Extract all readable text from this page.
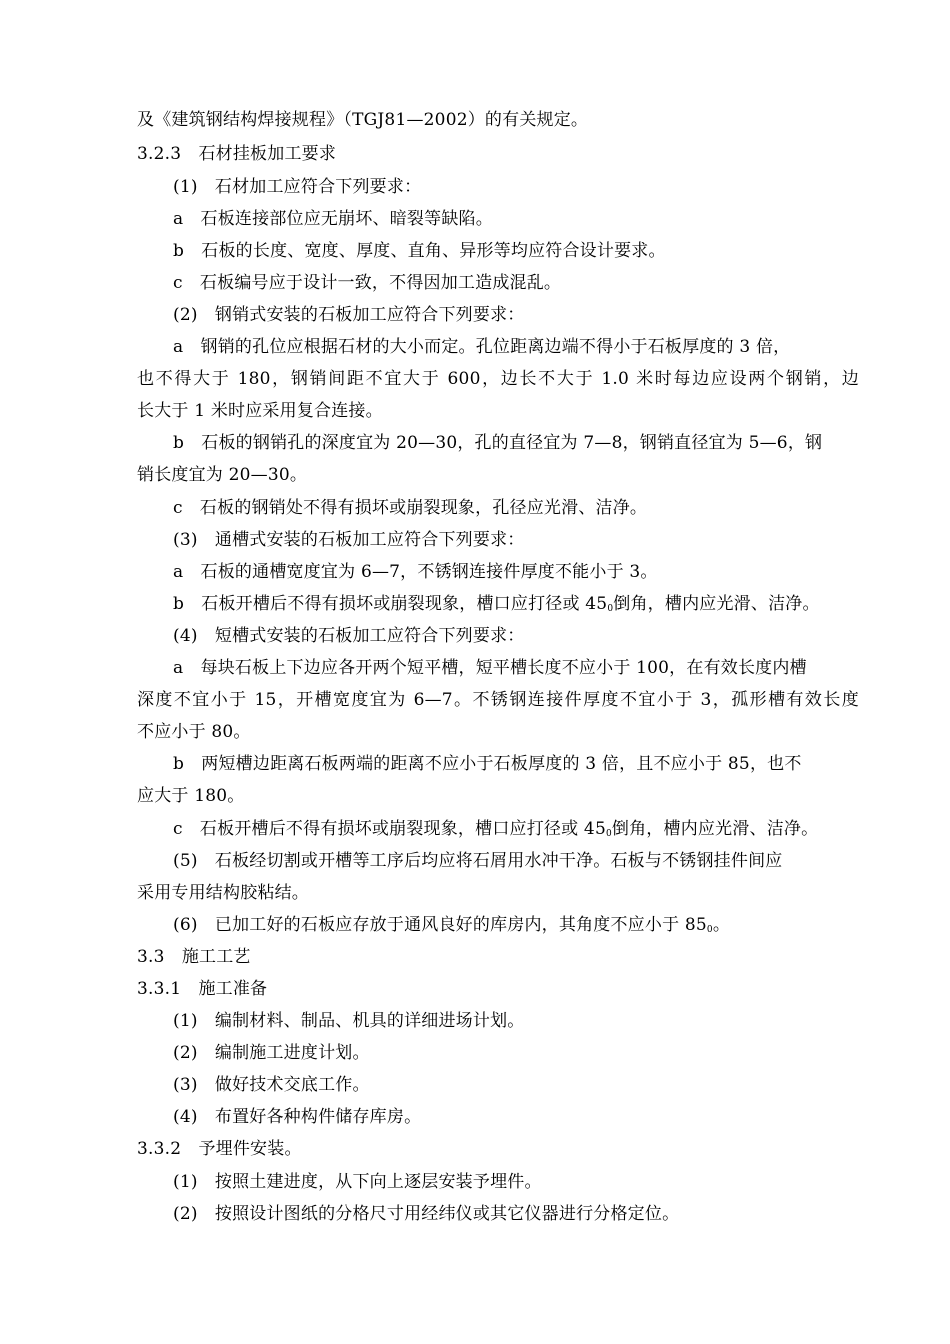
及《建筑钢结构焊接规程》（TGJ81—2002）的有关规定。
3.2.3　石材挂板加工要求
(1)　石材加工应符合下列要求：
a　石板连接部位应无崩坏、暗裂等缺陷。
b　石板的长度、宽度、厚度、直角、异形等均应符合设计要求。
c　石板编号应于设计一致，不得因加工造成混乱。
(2)　钢销式安装的石板加工应符合下列要求：
a　钢销的孔位应根据石材的大小而定。孔位距离边端不得小于石板厚度的 3 倍，
也不得大于 180，钢销间距不宜大于 600，边长不大于 1.0 米时每边应设两个钢销，边
长大于 1 米时应采用复合连接。
b　石板的钢销孔的深度宜为 20—30，孔的直径宜为 7—8，钢销直径宜为 5—6，钢
销长度宜为 20—30。
c　石板的钢销处不得有损坏或崩裂现象，孔径应光滑、洁净。
(3)　通槽式安装的石板加工应符合下列要求：
a　石板的通槽宽度宜为 6—7，不锈钢连接件厚度不能小于 3。
b　石板开槽后不得有损坏或崩裂现象，槽口应打径或 $45_0$倒角，槽内应光滑、洁净。
(4)　短槽式安装的石板加工应符合下列要求：
a　每块石板上下边应各开两个短平槽，短平槽长度不应小于 100，在有效长度内槽
深度不宜小于 15，开槽宽度宜为 6—7。不锈钢连接件厚度不宜小于 3，孤形槽有效长度
不应小于 80。
b　两短槽边距离石板两端的距离不应小于石板厚度的 3 倍，且不应小于 85，也不
应大于 180。
c　石板开槽后不得有损坏或崩裂现象，槽口应打径或 $45_0$倒角，槽内应光滑、洁净。
(5)　石板经切割或开槽等工序后均应将石屑用水冲干净。石板与不锈钢挂件间应
采用专用结构胶粘结。
(6)　已加工好的石板应存放于通风良好的库房内，其角度不应小于 $85_0$。
3.3　施工工艺
3.3.1　施工准备
(1)　编制材料、制品、机具的详细进场计划。
(2)　编制施工进度计划。
(3)　做好技术交底工作。
(4)　布置好各种构件储存库房。
3.3.2　予埋件安装。
(1)　按照土建进度，从下向上逐层安装予埋件。
(2)　按照设计图纸的分格尺寸用经纬仪或其它仪器进行分格定位。
